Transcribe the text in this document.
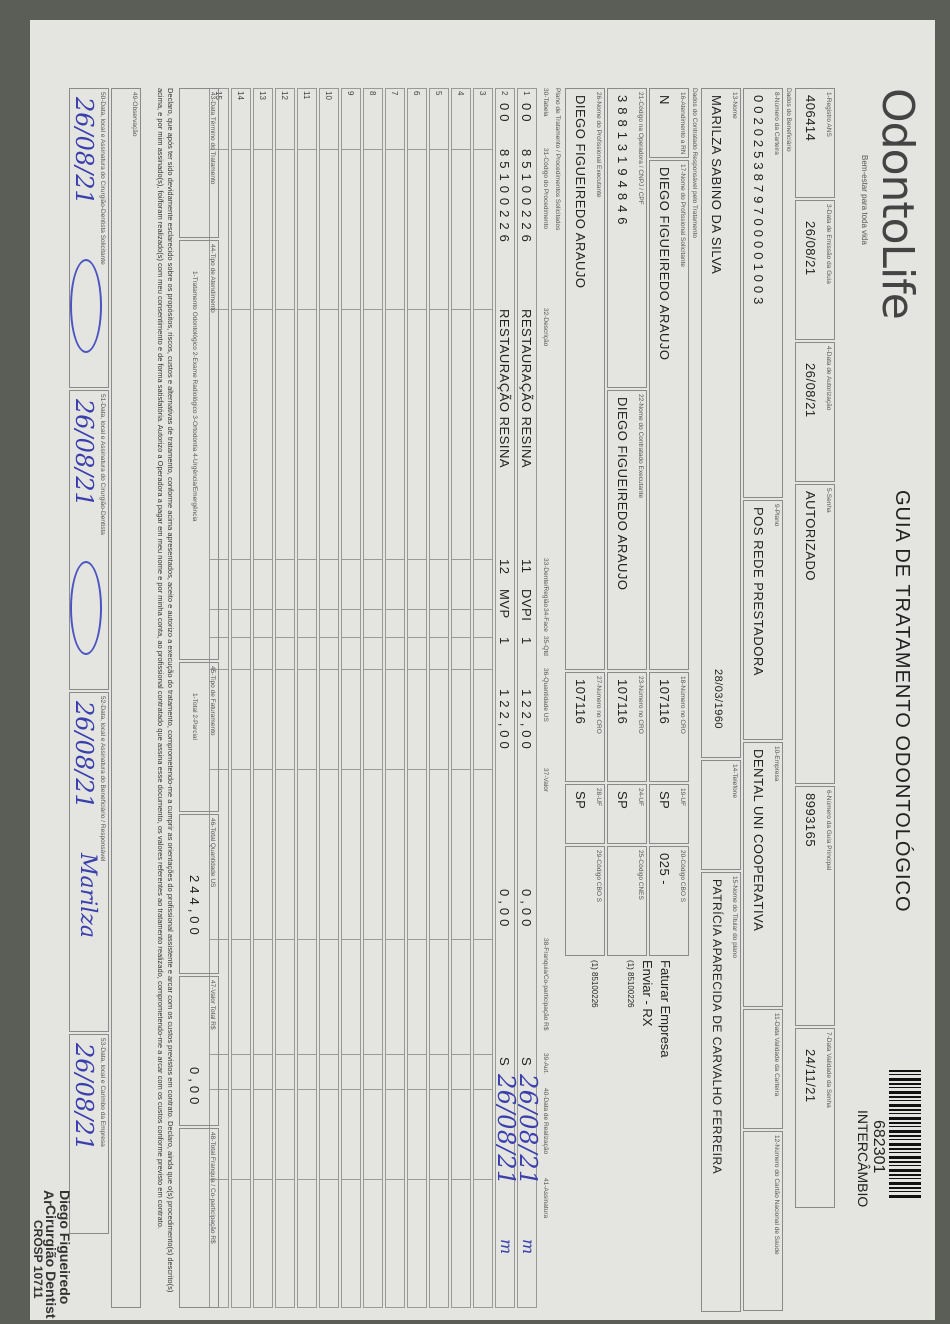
OdontoLife
Bem-estar para toda vida
GUIA DE TRATAMENTO ODONTOLÓGICO
682301
INTERCÂMBIO
1-Registro ANS
406414
3-Data de Emissão da Guia
26/08/21
4-Data de Autorização
26/08/21
5-Senha
AUTORIZADO
6-Número da Guia Principal
8993165
7-Data Validade da Senha
24/11/21
Dados do Beneficiário
8-Número da Carteira
0020253879700001003
9-Plano
POS REDE PRESTADORA
10-Empresa
DENTAL UNI COOPERATIVA
11-Data Validade da Carteira
12-Número do Cartão Nacional de Saúde
13-Nome
MARILZA SABINO DA SILVA
28/03/1960
14-Telefone
15-Nome do Titular do plano
PATRÍCIA APARECIDA DE CARVALHO FERREIRA
Dados do Contratado Responsável pelo Tratamento
16-Atendimento a RN
N
17-Nome do Profissional Solicitante
DIEGO FIGUEIREDO ARAUJO
18-Número no CRO
107116
19-UF
SP
20-Código CBO S
025 -
Faturar Empresa
Enviar - RX
21-Código na Operadora / CNPJ / CPF
38813194846
22-Nome do Contratado Executante
DIEGO FIGUEIREDO ARAUJO
23-Número no CRO
107116
24-UF
SP
25-Código CNES
(1) 85100226
26-Nome do Profissional Executante
DIEGO FIGUEIREDO ARAUJO
27-Número no CRO
107116
28-UF
SP
29-Código CBO S
(1) 85100226
Plano de Tratamento / Procedimentos Solicitados
30-Tabela
31-Código do Procedimento
32-Descrição
33-Dente/Região
34-Face
35-Qtd
36-Quantidade US
37-Valor
38-Franquia/Co-participação R$
39-Aut.
40-Data de Realização
41-Assinatura
1
00
85100226
RESTAURAÇÃO RESINA
11
DVPI
1
122,00
0,00
S
26/08/21
m
2
00
85100226
RESTAURAÇÃO RESINA
12
MVP
1
122,00
0,00
S
26/08/21
m
3
4
5
6
7
8
9
10
11
12
13
14
15
43-Data Término do Tratamento
44-Tipo de Atendimento
1-Tratamento Odontológico 2-Exame Radiológico 3-Ortodontia 4-Urgência/Emergência
45-Tipo de Faturamento
1-Total 2-Parcial
46-Total Quantidade US
244,00
47-Valor Total R$
0,00
48-Total Franquia / Co-participação R$
Declaro, que após ter sido devidamente esclarecido sobre os propósitos, riscos, custos e alternativas de tratamento, conforme acima apresentados, aceito e autorizo a execução do tratamento, comprometendo-me a cumprir as orientações do profissional assistente e arcar com os custos previstos em contrato. Declaro, ainda que o(s) procedimento(s) descrito(s) acima, e por mim assinado(s), foi/foram realizado(s) com meu consentimento e de forma satisfatória. Autorizo a Operadora a pagar em meu nome e por minha conta, ao profissional contratado que assina esse documento, os valores referentes ao tratamento realizado, comprometendo-me a arcar com os custos conforme previsto em contrato.
49-Observação
50-Data, local e Assinatura do Cirurgião-Dentista Solicitante
26/08/21
51-Data, local e Assinatura do Cirurgião-Dentista
26/08/21
52-Data, local e Assinatura do Beneficiário / Responsável
26/08/21
Marilza
53-Data, local e Carimbo da Empresa
26/08/21
Diego Figueiredo Ar
Cirurgião Dentist
CROSP 10711
